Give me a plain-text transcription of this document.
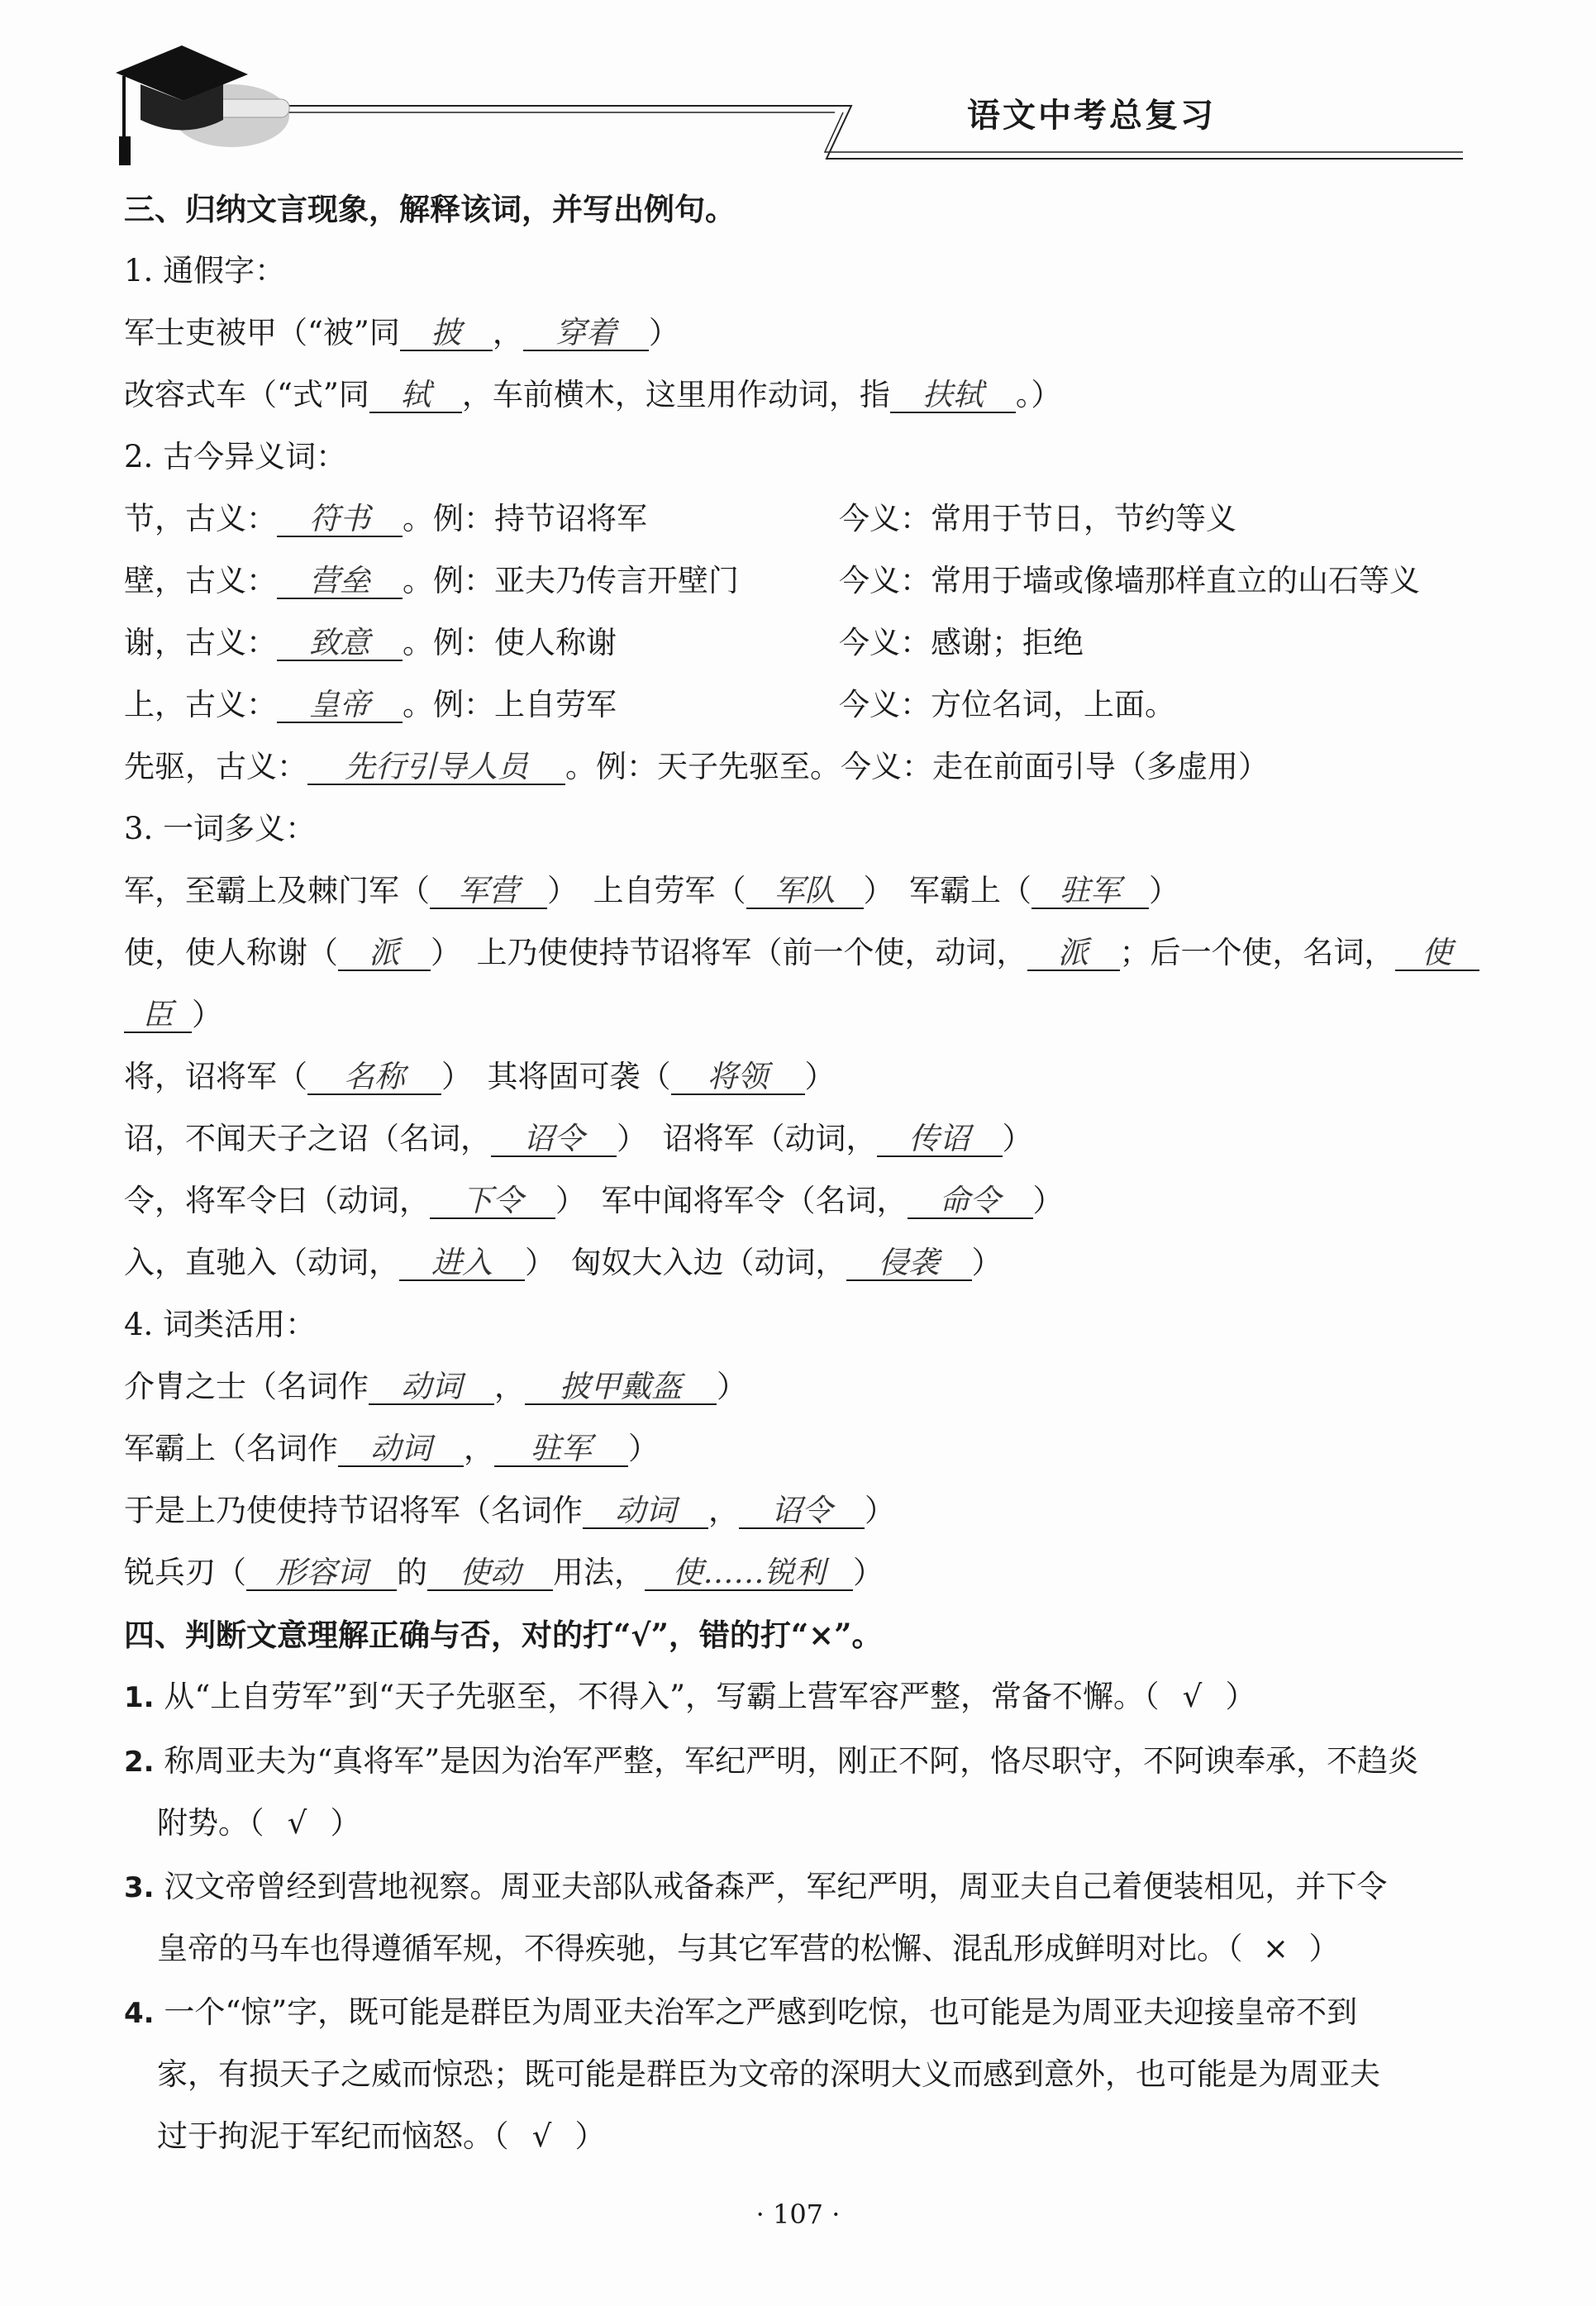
语文中考总复习
三、归纳文言现象，解释该词，并写出例句。
1. 通假字：
军士吏被甲（“被”同 披 ， 穿着 ）
改容式车（“式”同 轼 ，车前横木，这里用作动词，指 扶轼 。）
2. 古今异义词：
节，古义： 符书 。例：持节诏将军	今义：常用于节日，节约等义
壁，古义： 营垒 。例：亚夫乃传言开壁门	今义：常用于墙或像墙那样直立的山石等义
谢，古义： 致意 。例：使人称谢	今义：感谢；拒绝
上，古义： 皇帝 。例：上自劳军	今义：方位名词，上面。
先驱，古义： 先行引导人员 。例：天子先驱至。今义：走在前面引导（多虚用）
3. 一词多义：
军，至霸上及棘门军（ 军营 ）　上自劳军（ 军队 ）　军霸上（ 驻军 ）
使，使人称谢（ 派 ）　上乃使使持节诏将军（前一个使，动词， 派 ；后一个使，名词， 使
臣 ）
将，诏将军（ 名称 ）　其将固可袭（ 将领 ）
诏，不闻天子之诏（名词， 诏令 ）　诏将军（动词， 传诏 ）
令，将军令曰（动词， 下令 ）　军中闻将军令（名词， 命令 ）
入，直驰入（动词， 进入 ）　匈奴大入边（动词， 侵袭 ）
4. 词类活用：
介胄之士（名词作 动词 ， 披甲戴盔 ）
军霸上（名词作 动词 ， 驻军 ）
于是上乃使使持节诏将军（名词作 动词 ， 诏令 ）
锐兵刃（ 形容词 的 使动 用法， 使……锐利 ）
四、判断文意理解正确与否，对的打“√”，错的打“×”。
1. 从“上自劳军”到“天子先驱至，不得入”，写霸上营军容严整，常备不懈。（ √ ）
2. 称周亚夫为“真将军”是因为治军严整，军纪严明，刚正不阿，恪尽职守，不阿谀奉承，不趋炎
附势。（ √ ）
3. 汉文帝曾经到营地视察。周亚夫部队戒备森严，军纪严明，周亚夫自己着便装相见，并下令
皇帝的马车也得遵循军规，不得疾驰，与其它军营的松懈、混乱形成鲜明对比。（ × ）
4. 一个“惊”字，既可能是群臣为周亚夫治军之严感到吃惊，也可能是为周亚夫迎接皇帝不到
家，有损天子之威而惊恐；既可能是群臣为文帝的深明大义而感到意外，也可能是为周亚夫
过于拘泥于军纪而恼怒。（ √ ）
· 107 ·
